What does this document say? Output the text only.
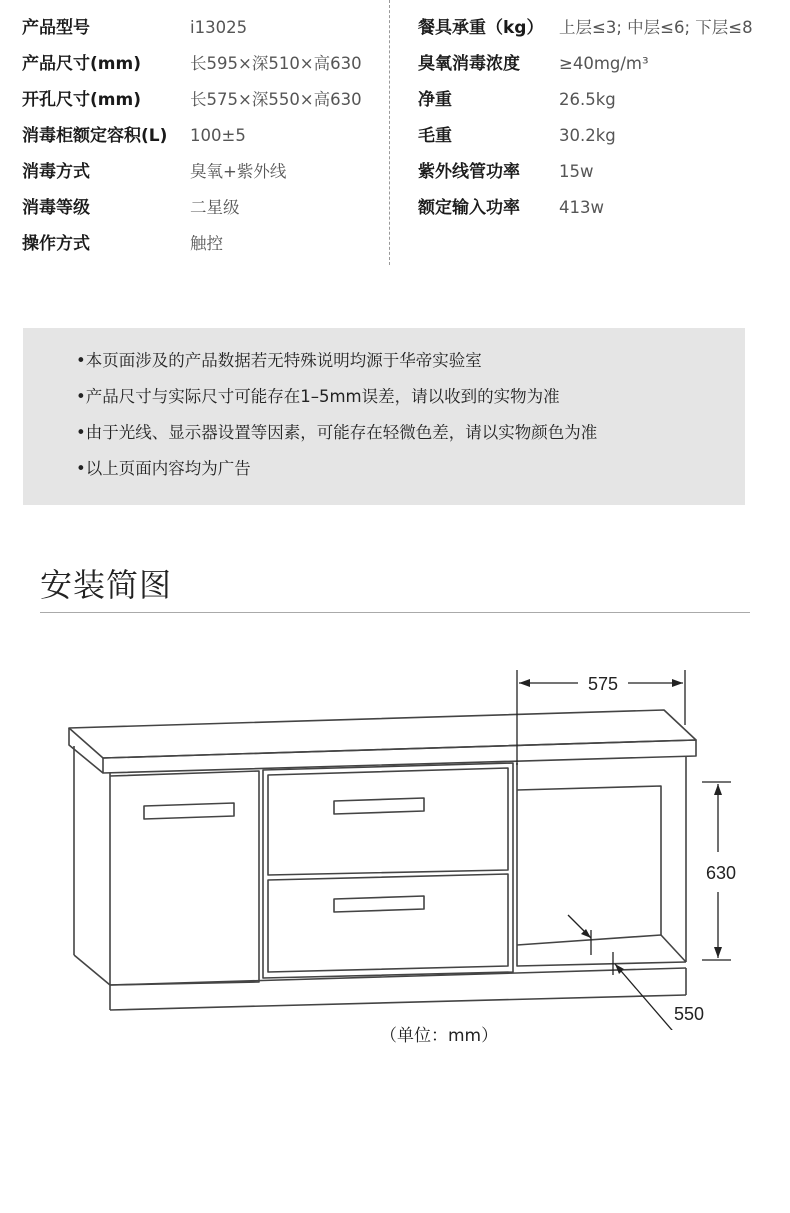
产品型号	i13025
产品尺寸(mm)	长595×深510×高630
开孔尺寸(mm)	长575×深550×高630
消毒柜额定容积(L) 100±5
消毒方式	臭氧+紫外线
消毒等级	二星级
操作方式	触控
餐具承重（kg） 上层≤3; 中层≤6; 下层≤8
臭氧消毒浓度 ≥40mg/m³
净重	26.5kg
毛重	30.2kg
紫外线管功率 15w
额定输入功率 413w
•本页面涉及的产品数据若无特殊说明均源于华帝实验室
•产品尺寸与实际尺寸可能存在1–5mm误差，请以收到的实物为准
•由于光线、显示器设置等因素，可能存在轻微色差，请以实物颜色为准
•以上页面内容均为广告
安装简图
575
630
550
（单位：mm）
